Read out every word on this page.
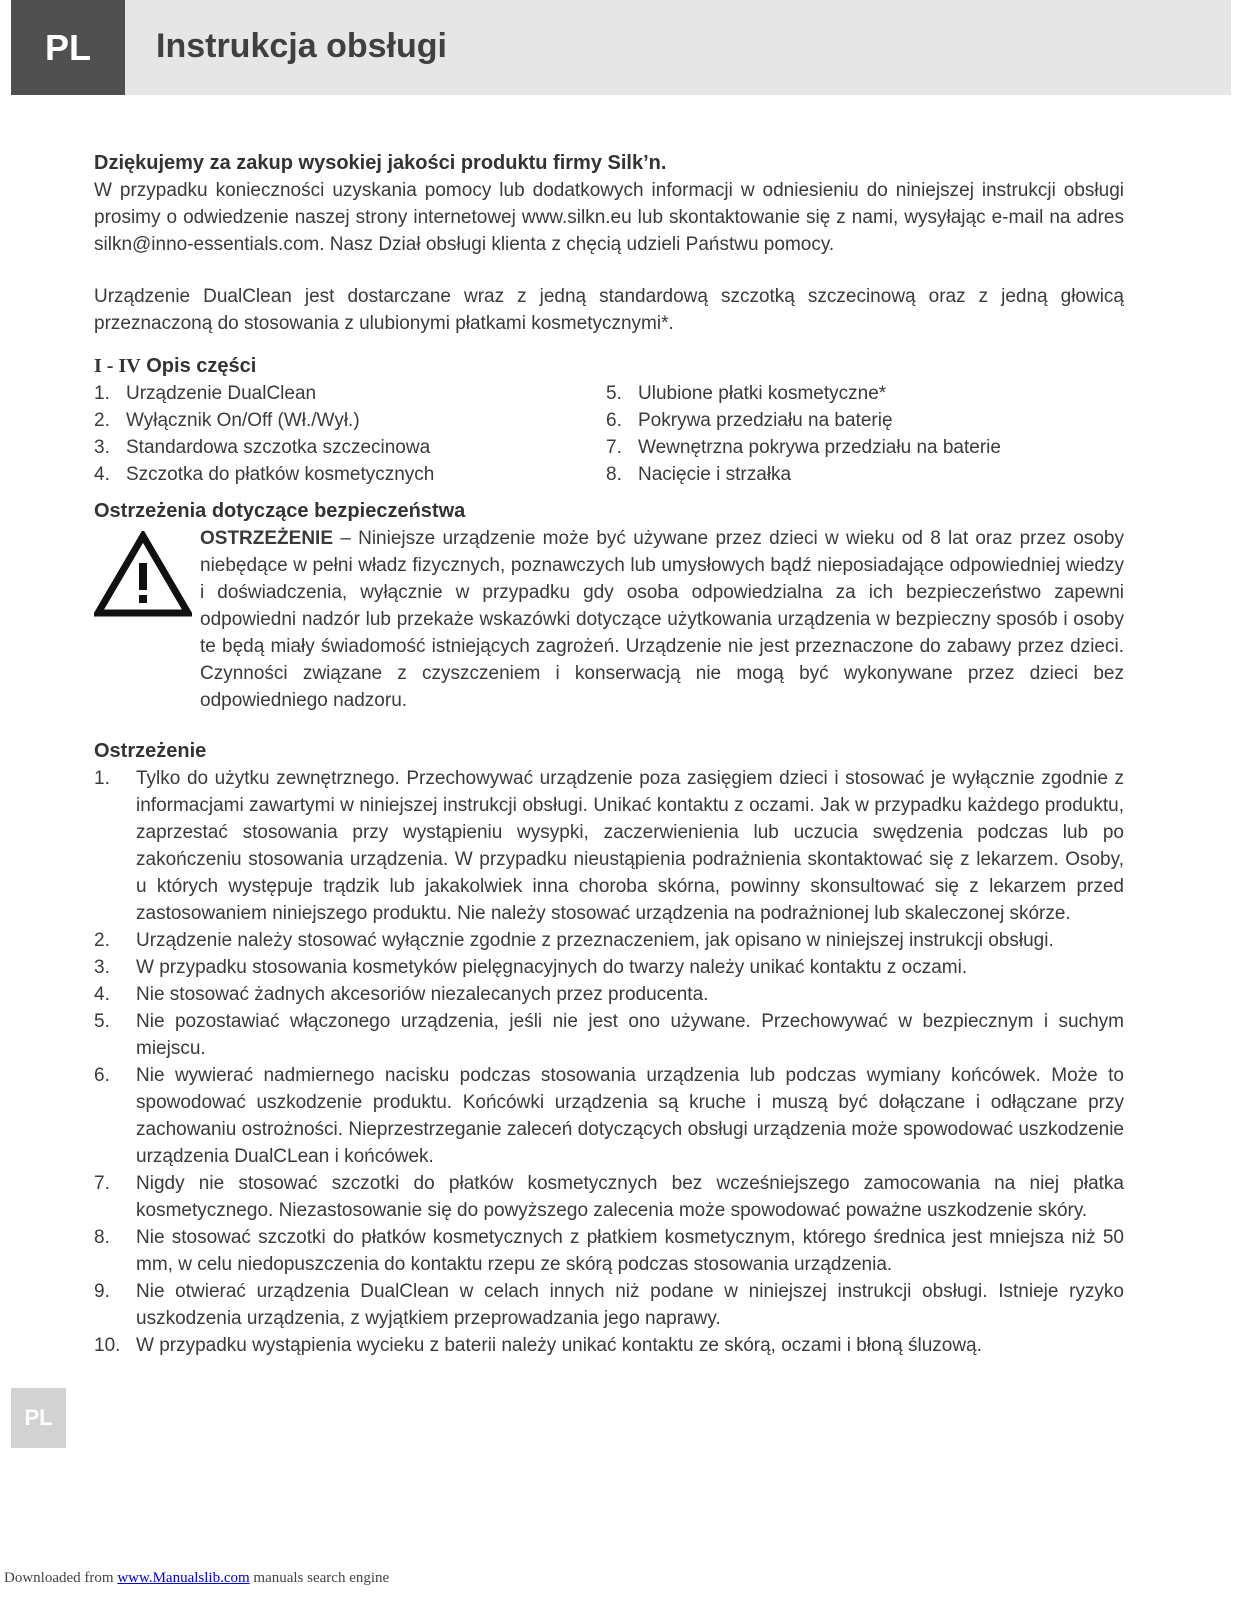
PL	Instrukcja obsługi

Dziękujemy za zakup wysokiej jakości produktu firmy Silk’n.

W przypadku konieczności uzyskania pomocy lub dodatkowych informacji w odniesieniu do niniejszej instrukcji obsługi prosimy o odwiedzenie naszej strony internetowej www.silkn.eu lub skontaktowanie się z nami, wysyłając e-mail na adres silkn@inno-essentials.com. Nasz Dział obsługi klienta z chęcią udzieli Państwu pomocy.

Urządzenie DualClean jest dostarczane wraz z jedną standardową szczotką szczecinową oraz z jedną głowicą przeznaczoną do stosowania z ulubionymi płatkami kosmetycznymi*.

I - IV Opis części

1. Urządzenie DualClean
2. Wyłącznik On/Off (Wł./Wył.)
3. Standardowa szczotka szczecinowa
4. Szczotka do płatków kosmetycznych
5. Ulubione płatki kosmetyczne*
6. Pokrywa przedziału na baterię
7. Wewnętrzna pokrywa przedziału na baterie
8. Nacięcie i strzałka

Ostrzeżenia dotyczące bezpieczeństwa

OSTRZEŻENIE – Niniejsze urządzenie może być używane przez dzieci w wieku od 8 lat oraz przez osoby niebędące w pełni władz fizycznych, poznawczych lub umysłowych bądź nieposiadające odpowiedniej wiedzy i doświadczenia, wyłącznie w przypadku gdy osoba odpowiedzialna za ich bezpieczeństwo zapewni odpowiedni nadzór lub przekaże wskazówki dotyczące użytkowania urządzenia w bezpieczny sposób i osoby te będą miały świadomość istniejących zagrożeń. Urządzenie nie jest przeznaczone do zabawy przez dzieci. Czynności związane z czyszczeniem i konserwacją nie mogą być wykonywane przez dzieci bez odpowiedniego nadzoru.

Ostrzeżenie

1.	Tylko do użytku zewnętrznego. Przechowywać urządzenie poza zasięgiem dzieci i stosować je wyłącznie zgodnie z informacjami zawartymi w niniejszej instrukcji obsługi. Unikać kontaktu z oczami. Jak w przypadku każdego produktu, zaprzestać stosowania przy wystąpieniu wysypki, zaczerwienienia lub uczucia swędzenia podczas lub po zakończeniu stosowania urządzenia. W przypadku nieustąpienia podrażnienia skontaktować się z lekarzem. Osoby, u których występuje trądzik lub jakakolwiek inna choroba skórna, powinny skonsultować się z lekarzem przed zastosowaniem niniejszego produktu. Nie należy stosować urządzenia na podrażnionej lub skaleczonej skórze.
2.	Urządzenie należy stosować wyłącznie zgodnie z przeznaczeniem, jak opisano w niniejszej instrukcji obsługi.
3.	W przypadku stosowania kosmetyków pielęgnacyjnych do twarzy należy unikać kontaktu z oczami.
4.	Nie stosować żadnych akcesoriów niezalecanych przez producenta.
5.	Nie pozostawiać włączonego urządzenia, jeśli nie jest ono używane. Przechowywać w bezpiecznym i suchym miejscu.
6.	Nie wywierać nadmiernego nacisku podczas stosowania urządzenia lub podczas wymiany końcówek. Może to spowodować uszkodzenie produktu. Końcówki urządzenia są kruche i muszą być dołączane i odłączane przy zachowaniu ostrożności. Nieprzestrzeganie zaleceń dotyczących obsługi urządzenia może spowodować uszkodzenie urządzenia DualCLean i końcówek.
7.	Nigdy nie stosować szczotki do płatków kosmetycznych bez wcześniejszego zamocowania na niej płatka kosmetycznego. Niezastosowanie się do powyższego zalecenia może spowodować poważne uszkodzenie skóry.
8.	Nie stosować szczotki do płatków kosmetycznych z płatkiem kosmetycznym, którego średnica jest mniejsza niż 50 mm, w celu niedopuszczenia do kontaktu rzepu ze skórą podczas stosowania urządzenia.
9.	Nie otwierać urządzenia DualClean w celach innych niż podane w niniejszej instrukcji obsługi. Istnieje ryzyko uszkodzenia urządzenia, z wyjątkiem przeprowadzania jego naprawy.
10. W przypadku wystąpienia wycieku z baterii należy unikać kontaktu ze skórą, oczami i błoną śluzową.
PL
Downloaded from www.Manualslib.com manuals search engine
